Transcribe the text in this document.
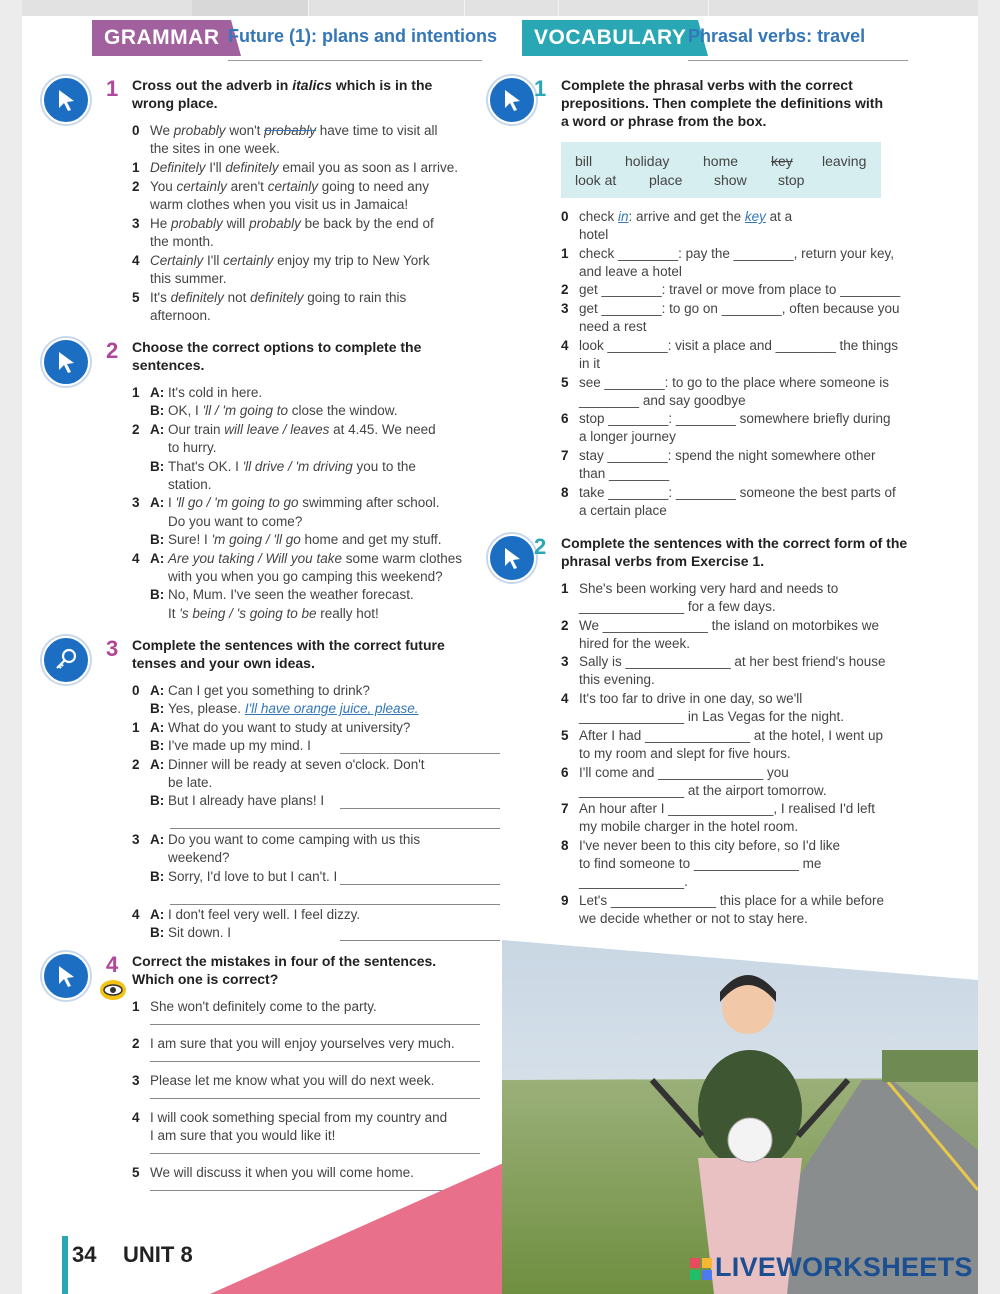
GRAMMAR Future (1): plans and intentions	VOCABULARY Phrasal verbs: travel
1 Cross out the adverb in italics which is in the
wrong place.
0 We probably won't probably have time to visit all
the sites in one week.
1 Definitely I'll definitely email you as soon as I arrive.
2 You certainly aren't certainly going to need any
warm clothes when you visit us in Jamaica!
3 He probably will probably be back by the end of
the month.
4 Certainly I'll certainly enjoy my trip to New York
this summer.
5 It's definitely not definitely going to rain this
afternoon.
2 Choose the correct options to complete the
sentences.
1 A: It's cold in here.
B: OK, I 'll / 'm going to close the window.
2 A: Our train will leave / leaves at 4.45. We need
to hurry.
B: That's OK. I 'll drive / 'm driving you to the
station.
3 A: I 'll go / 'm going to go swimming after school.
Do you want to come?
B: Sure! I 'm going / 'll go home and get my stuff.
4 A: Are you taking / Will you take some warm clothes
with you when you go camping this weekend?
B: No, Mum. I've seen the weather forecast.
It 's being / 's going to be really hot!
3 Complete the sentences with the correct future
tenses and your own ideas.
0 A: Can I get you something to drink?
B: Yes, please. I'll have orange juice, please.
1 A: What do you want to study at university?
B: I've made up my mind. I
2 A: Dinner will be ready at seven o'clock. Don't
be late.
B: But I already have plans! I
3 A: Do you want to come camping with us this
weekend?
B: Sorry, I'd love to but I can't. I
4 A: I don't feel very well. I feel dizzy.
B: Sit down. I
4 Correct the mistakes in four of the sentences.
Which one is correct?
1 She won't definitely come to the party.
2 I am sure that you will enjoy yourselves very much.
3 Please let me know what you will do next week.
4 I will cook something special from my country and
I am sure that you would like it!
5 We will discuss it when you will come home.
1 Complete the phrasal verbs with the correct
prepositions. Then complete the definitions with
a word or phrase from the box.
bill holiday home key leaving
look at place show stop
0 check in: arrive and get the key at a
hotel
1 check ________: pay the ________, return your key,
and leave a hotel
2 get ________: travel or move from place to ________
3 get ________: to go on ________, often because you
need a rest
4 look ________: visit a place and ________ the things
in it
5 see ________: to go to the place where someone is
________ and say goodbye
6 stop ________: ________ somewhere briefly during
a longer journey
7 stay ________: spend the night somewhere other
than ________
8 take ________: ________ someone the best parts of
a certain place
2 Complete the sentences with the correct form of the
phrasal verbs from Exercise 1.
1 She's been working very hard and needs to
______________ for a few days.
2 We ______________ the island on motorbikes we
hired for the week.
3 Sally is ______________ at her best friend's house
this evening.
4 It's too far to drive in one day, so we'll
______________ in Las Vegas for the night.
5 After I had ______________ at the hotel, I went up
to my room and slept for five hours.
6 I'll come and ______________ you
______________ at the airport tomorrow.
7 An hour after I ______________, I realised I'd left
my mobile charger in the hotel room.
8 I've never been to this city before, so I'd like
to find someone to ______________ me
______________.
9 Let's ______________ this place for a while before
we decide whether or not to stay here.
34 UNIT 8	LIVEWORKSHEETS
